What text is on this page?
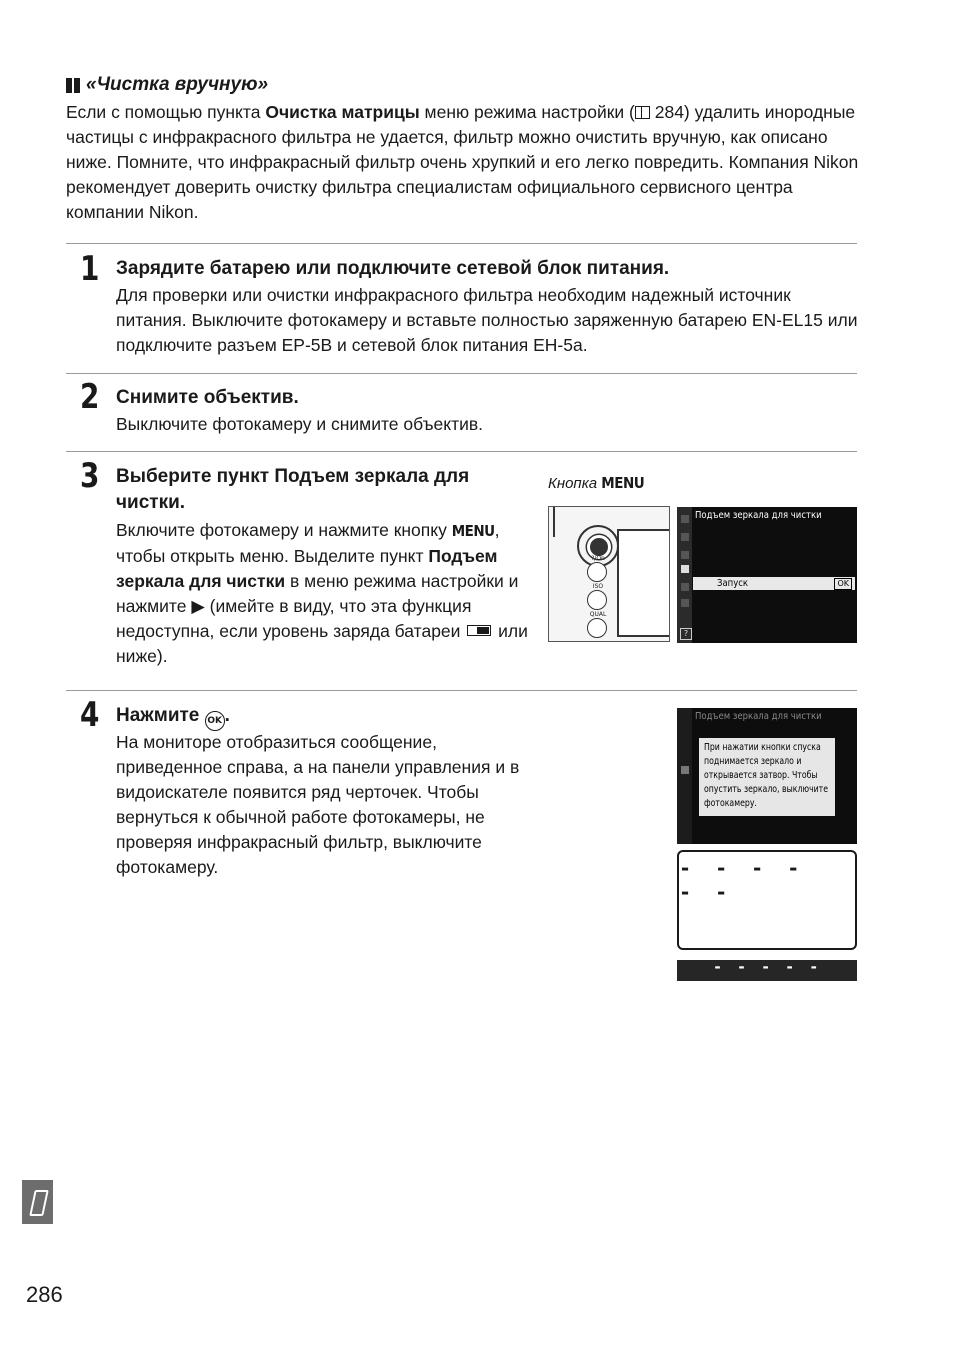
«Чистка вручную»
Если с помощью пункта Очистка матрицы меню режима настройки (
284) удалить инородные частицы с инфракрасного фильтра не удается, фильтр можно очистить вручную, как описано ниже. Помните, что инфракрасный фильтр очень хрупкий и его легко повредить. Компания Nikon рекомендует доверить очистку фильтра специалистам официального сервисного центра компании Nikon.
1 Зарядите батарею или подключите сетевой блок питания.
Для проверки или очистки инфракрасного фильтра необходим надежный источник питания. Выключите фотокамеру и вставьте полностью заряженную батарею EN-EL15 или подключите разъем EP-5B и сетевой блок питания EH-5a.
2 Снимите объектив.
Выключите фотокамеру и снимите объектив.
3 Выберите пункт Подъем зеркала для чистки.
Включите фотокамеру и нажмите кнопку MENU, чтобы открыть меню. Выделите пункт Подъем зеркала для чистки в меню режима настройки и нажмите ▶ (имейте в виду, что эта функция недоступна, если уровень заряда батареи  или ниже).
Кнопка MENU
?/On
ISO
QUAL
Подъем зеркала для чистки
Запуск	OK
?
4 Нажмите OK .
На мониторе отобразиться сообщение, приведенное справа, а на панели управления и в видоискателе появится ряд черточек. Чтобы вернуться к обычной работе фотокамеры, не проверяя инфракрасный фильтр, выключите фотокамеру.
Подъем зеркала для чистки
При нажатии кнопки спуска
поднимается зеркало и
открывается затвор. Чтобы
опустить зеркало, выключите
фотокамеру.
- - - - - -
- - - - -
286
